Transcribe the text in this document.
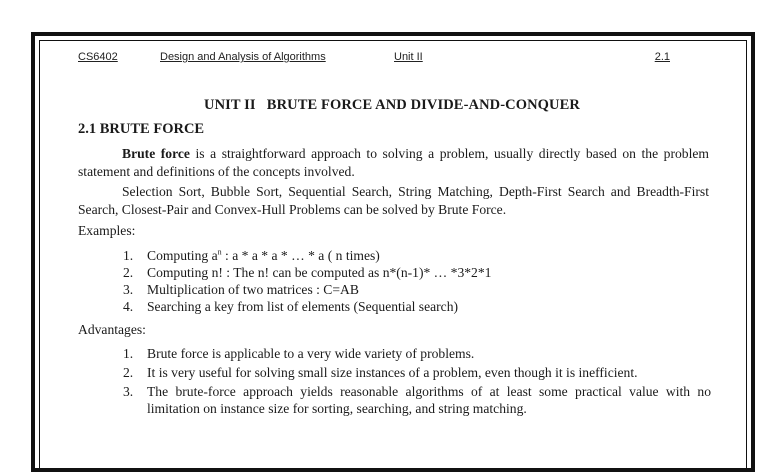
CS6402	Design and Analysis of Algorithms	Unit II	2.1
UNIT II   BRUTE FORCE AND DIVIDE-AND-CONQUER
2.1 BRUTE FORCE
Brute force is a straightforward approach to solving a problem, usually directly based on the problem statement and definitions of the concepts involved.
Selection Sort, Bubble Sort, Sequential Search, String Matching, Depth-First Search and Breadth-First Search, Closest-Pair and Convex-Hull Problems can be solved by Brute Force.
Examples:
1. Computing $a^n$ : a * a * a * … * a ( n times)
2. Computing n! : The n! can be computed as n*(n-1)* … *3*2*1
3. Multiplication of two matrices : C=AB
4. Searching a key from list of elements (Sequential search)
Advantages:
1. Brute force is applicable to a very wide variety of problems.
2. It is very useful for solving small size instances of a problem, even though it is inefficient.
3. The brute-force approach yields reasonable algorithms of at least some practical value with no limitation on instance size for sorting, searching, and string matching.
